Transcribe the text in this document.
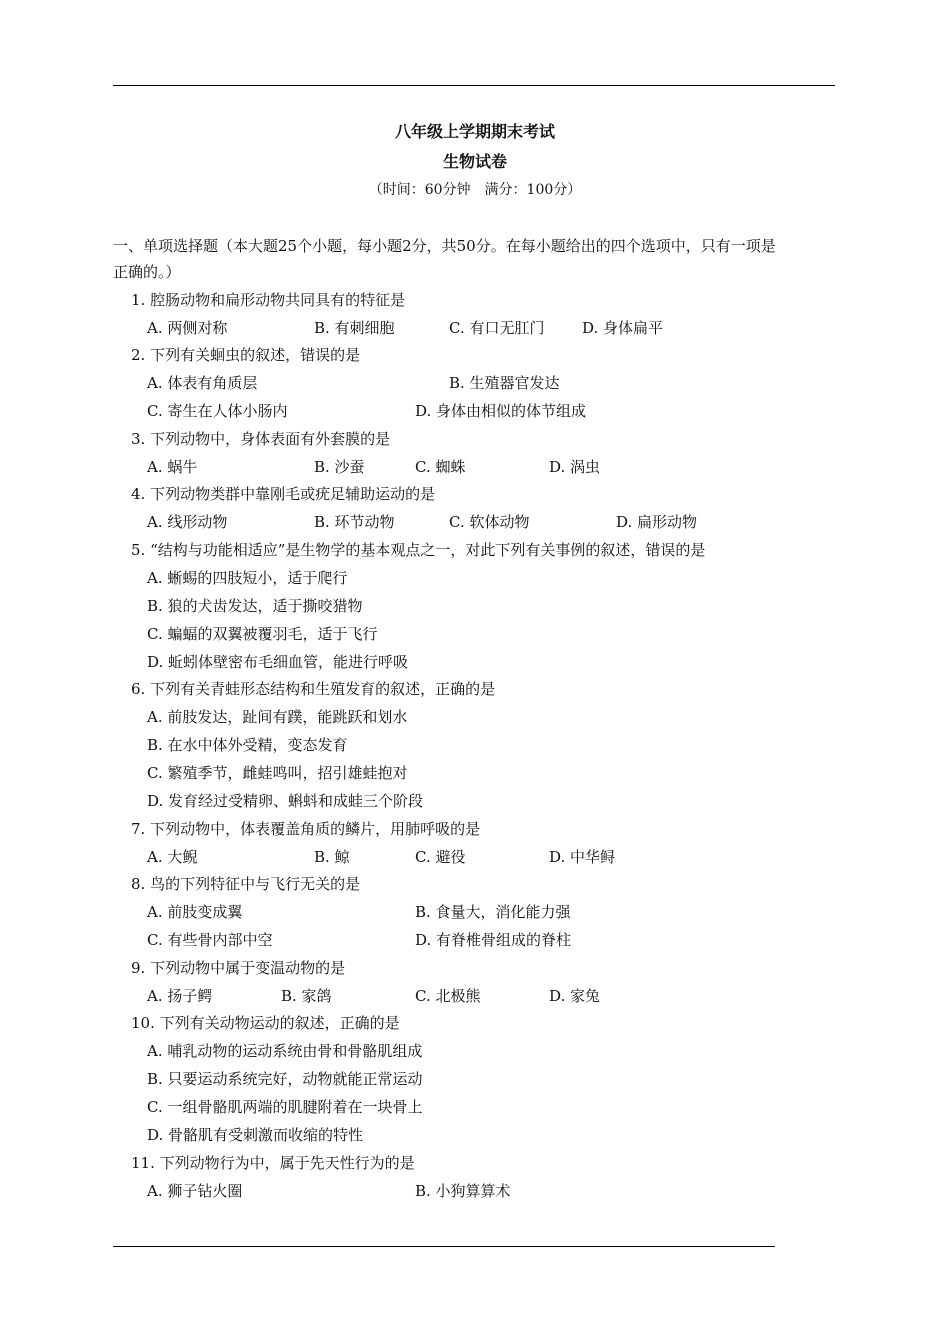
八年级上学期期末考试
生物试卷
（时间：60分钟　满分：100分）
一、单项选择题（本大题25个小题，每小题2分，共50分。在每小题给出的四个选项中，只有一项是
正确的。）
1. 腔肠动物和扁形动物共同具有的特征是
A. 两侧对称	B. 有刺细胞	C. 有口无肛门	D. 身体扁平
2. 下列有关蛔虫的叙述，错误的是
A. 体表有角质层	B. 生殖器官发达
C. 寄生在人体小肠内	D. 身体由相似的体节组成
3. 下列动物中，身体表面有外套膜的是
A. 蜗牛	B. 沙蚕	C. 蜘蛛	D. 涡虫
4. 下列动物类群中靠刚毛或疣足辅助运动的是
A. 线形动物	B. 环节动物	C. 软体动物	D. 扁形动物
5. “结构与功能相适应”是生物学的基本观点之一，对此下列有关事例的叙述，错误的是
A. 蜥蜴的四肢短小，适于爬行
B. 狼的犬齿发达，适于撕咬猎物
C. 蝙蝠的双翼被覆羽毛，适于飞行
D. 蚯蚓体壁密布毛细血管，能进行呼吸
6. 下列有关青蛙形态结构和生殖发育的叙述，正确的是
A. 前肢发达，趾间有蹼，能跳跃和划水
B. 在水中体外受精，变态发育
C. 繁殖季节，雌蛙鸣叫，招引雄蛙抱对
D. 发育经过受精卵、蝌蚪和成蛙三个阶段
7. 下列动物中，体表覆盖角质的鳞片，用肺呼吸的是
A. 大鲵	B. 鲸	C. 避役	D. 中华鲟
8. 鸟的下列特征中与飞行无关的是
A. 前肢变成翼	B. 食量大，消化能力强
C. 有些骨内部中空	D. 有脊椎骨组成的脊柱
9. 下列动物中属于变温动物的是
A. 扬子鳄	B. 家鸽	C. 北极熊	D. 家兔
10. 下列有关动物运动的叙述，正确的是
A. 哺乳动物的运动系统由骨和骨骼肌组成
B. 只要运动系统完好，动物就能正常运动
C. 一组骨骼肌两端的肌腱附着在一块骨上
D. 骨骼肌有受刺激而收缩的特性
11. 下列动物行为中，属于先天性行为的是
A. 狮子钻火圈	B. 小狗算算术
